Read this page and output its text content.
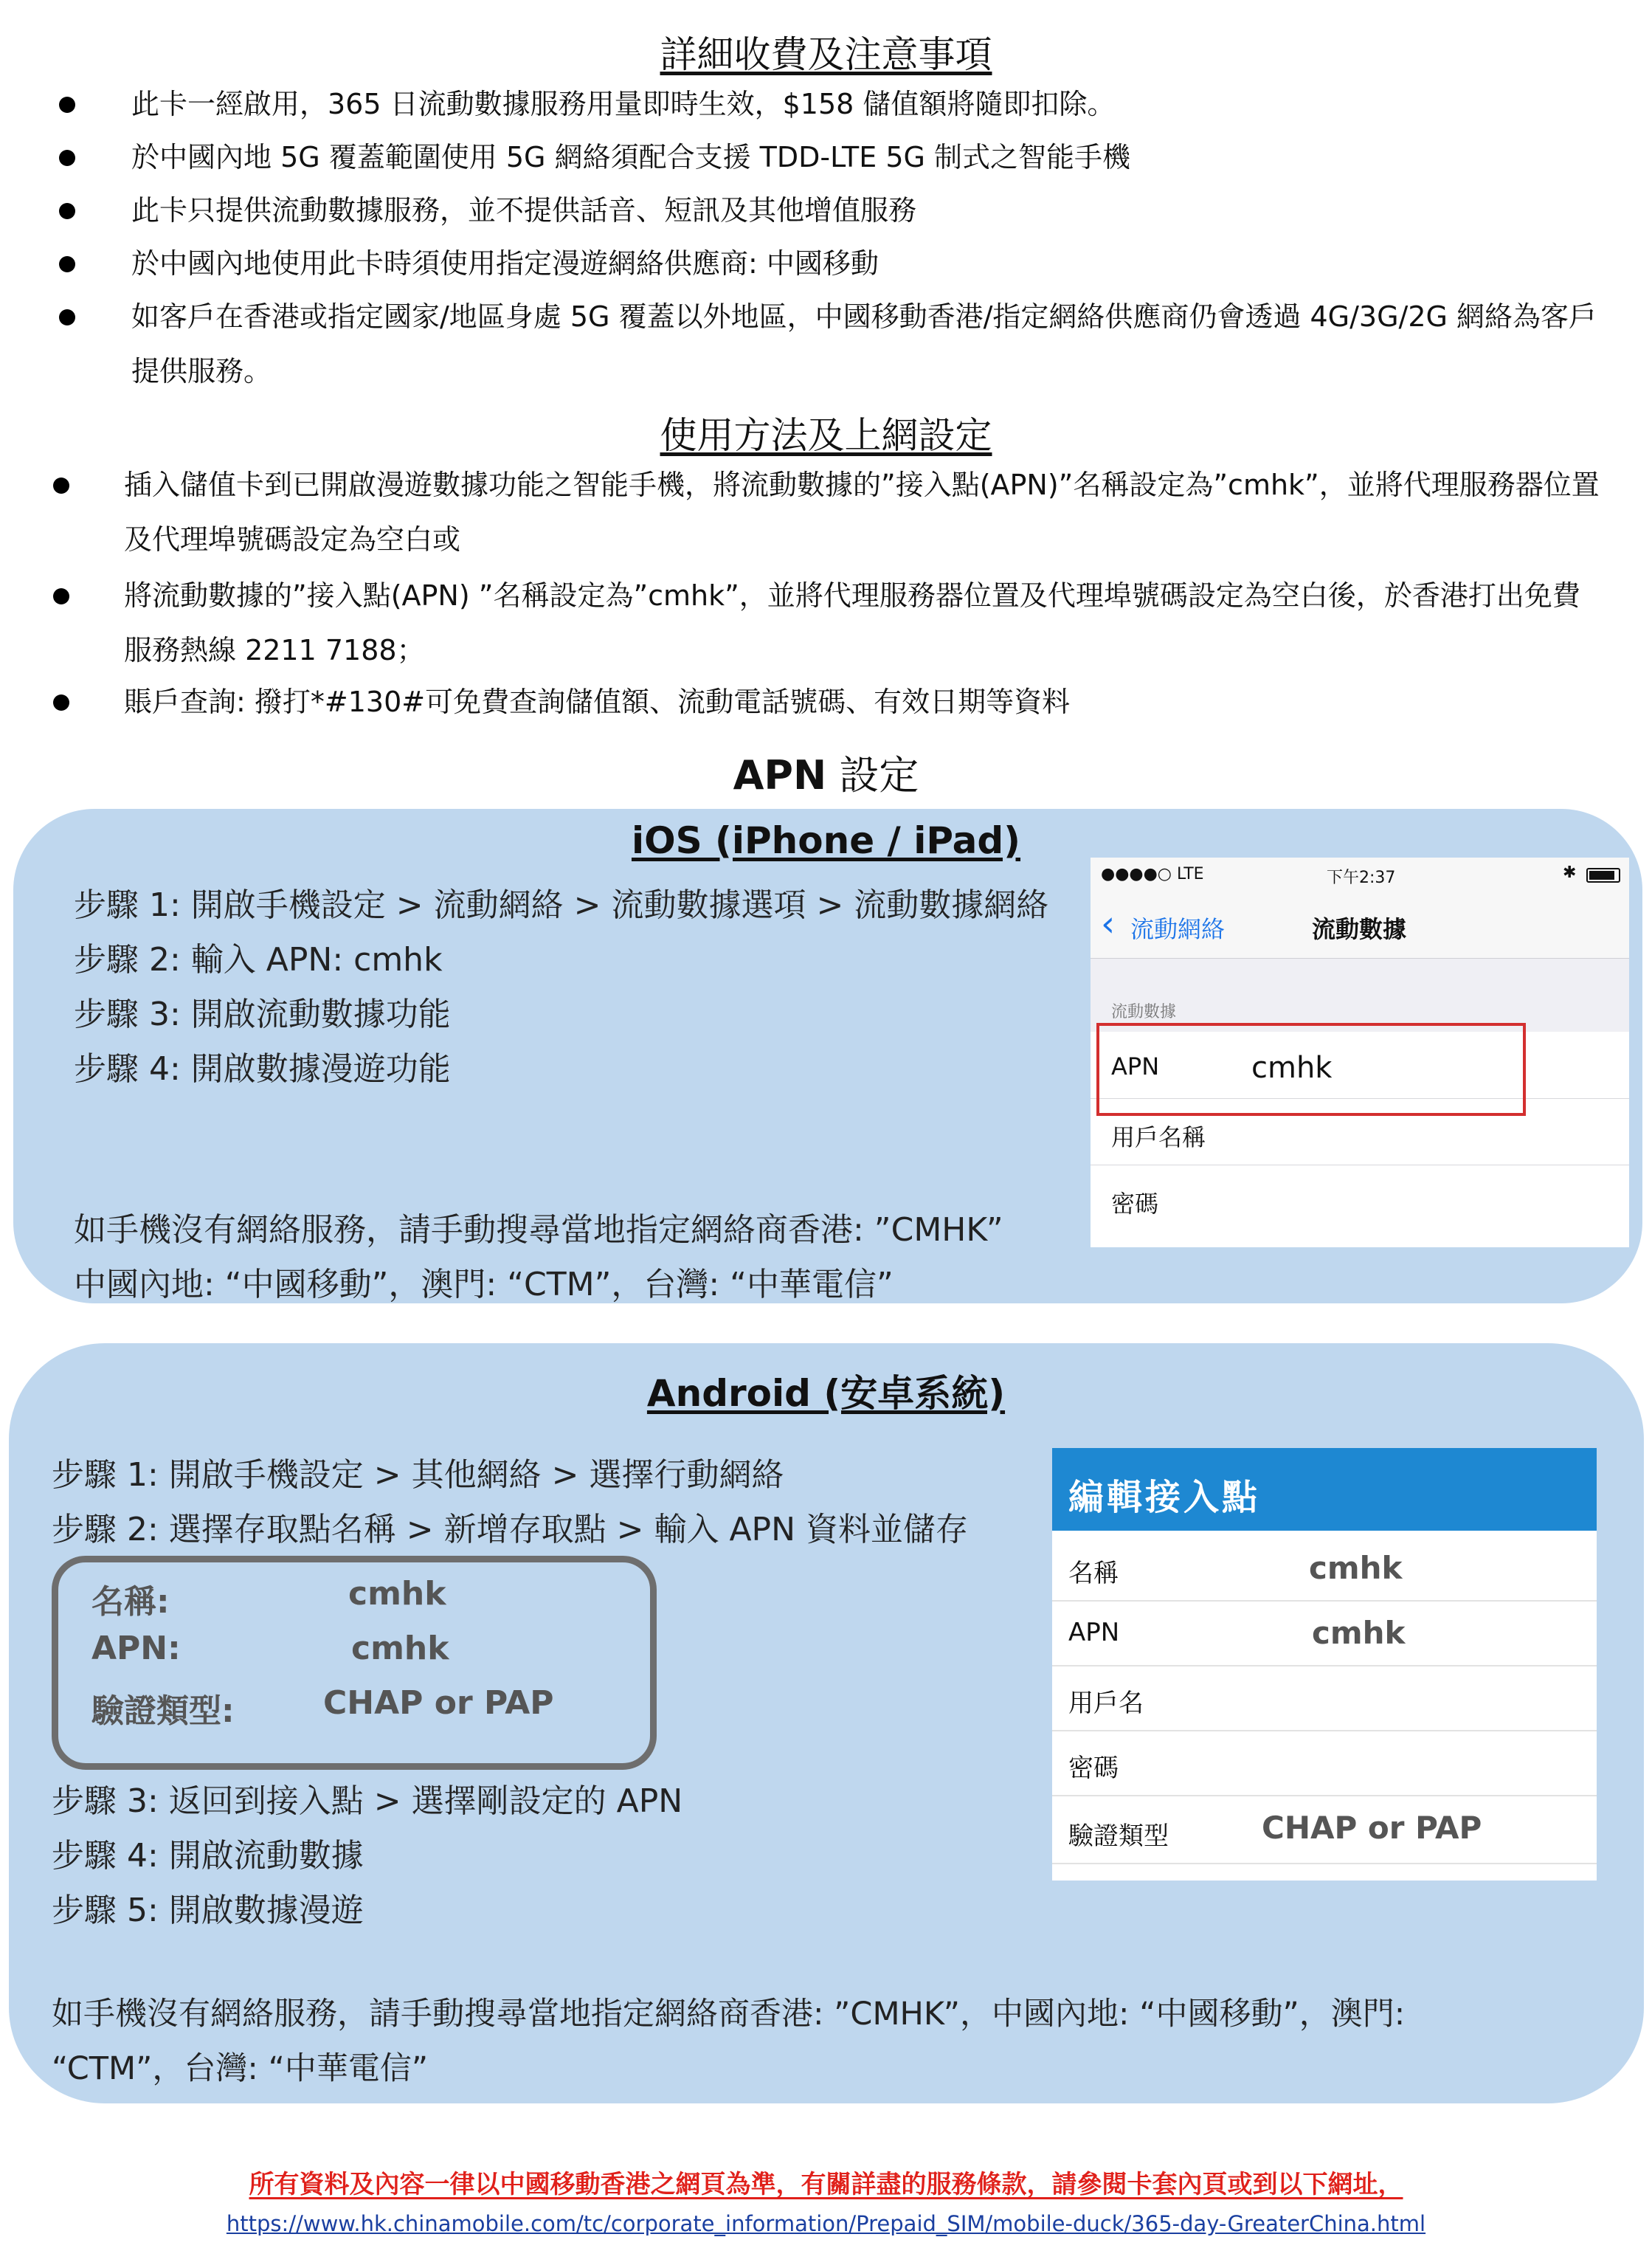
詳細收費及注意事項
此卡一經啟用，365 日流動數據服務用量即時生效，$158 儲值額將隨即扣除。
於中國內地 5G 覆蓋範圍使用 5G 網絡須配合支援 TDD-LTE 5G 制式之智能手機
此卡只提供流動數據服務，並不提供話音、短訊及其他增值服務
於中國內地使用此卡時須使用指定漫遊網絡供應商: 中國移動
如客戶在香港或指定國家/地區身處 5G 覆蓋以外地區，中國移動香港/指定網絡供應商仍會透過 4G/3G/2G 網絡為客戶提供服務。
使用方法及上網設定
插入儲值卡到已開啟漫遊數據功能之智能手機，將流動數據的”接入點(APN)”名稱設定為”cmhk”，並將代理服務器位置及代理埠號碼設定為空白或
將流動數據的”接入點(APN) ”名稱設定為”cmhk”，並將代理服務器位置及代理埠號碼設定為空白後，於香港打出免費服務熱線 2211 7188；
賬戶查詢: 撥打*#130#可免費查詢儲值額、流動電話號碼、有效日期等資料
APN 設定
iOS (iPhone / iPad)
步驟 1: 開啟手機設定 > 流動網絡 > 流動數據選項 > 流動數據網絡
步驟 2: 輸入 APN: cmhk
步驟 3: 開啟流動數據功能
步驟 4: 開啟數據漫遊功能
如手機沒有網絡服務，請手動搜尋當地指定網絡商香港: ”CMHK”
中國內地: “中國移動”，澳門: “CTM”，台灣: “中華電信”
●●●●○ LTE	下午2:37	✱
‹ 流動網絡	流動數據
流動數據
APN	cmhk
用戶名稱
密碼
Android (安卓系統)
步驟 1: 開啟手機設定 > 其他網絡 > 選擇行動網絡
步驟 2: 選擇存取點名稱 > 新增存取點 > 輸入 APN 資料並儲存
名稱:	cmhk
APN:	cmhk
驗證類型:	CHAP or PAP
步驟 3: 返回到接入點 > 選擇剛設定的 APN
步驟 4: 開啟流動數據
步驟 5: 開啟數據漫遊
如手機沒有網絡服務，請手動搜尋當地指定網絡商香港: ”CMHK”，中國內地: “中國移動”，澳門:
“CTM”，台灣: “中華電信”
編輯接入點
名稱	cmhk
APN	cmhk
用戶名
密碼
驗證類型	CHAP or PAP
所有資料及內容一律以中國移動香港之網頁為準，有關詳盡的服務條款，請參閱卡套內頁或到以下網址，
https://www.hk.chinamobile.com/tc/corporate_information/Prepaid_SIM/mobile-duck/365-day-GreaterChina.html
